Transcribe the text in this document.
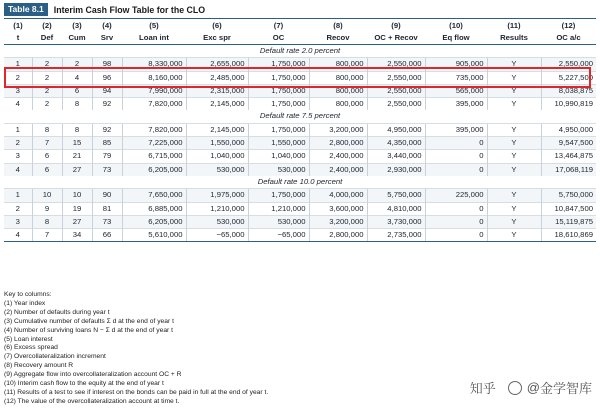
Table 8.1	Interim Cash Flow Table for the CLO
(1)	(2)	(3)	(4)	(5)	(6)	(7)	(8)	(9)	(10)	(11)	(12)
t	Def	Cum	Srv	Loan int	Exc spr	OC	Recov	OC + Recov	Eq flow	Results	OC a/c
Default rate 2.0 percent											
1	2	2	98	8,330,000	2,655,000	1,750,000	800,000	2,550,000	905,000	Y	2,550,000
2	2	4	96	8,160,000	2,485,000	1,750,000	800,000	2,550,000	735,000	Y	5,227,500
3	2	6	94	7,990,000	2,315,000	1,750,000	800,000	2,550,000	565,000	Y	8,038,875
4	2	8	92	7,820,000	2,145,000	1,750,000	800,000	2,550,000	395,000	Y	10,990,819
Default rate 7.5 percent											
1	8	8	92	7,820,000	2,145,000	1,750,000	3,200,000	4,950,000	395,000	Y	4,950,000
2	7	15	85	7,225,000	1,550,000	1,550,000	2,800,000	4,350,000	0	Y	9,547,500
3	6	21	79	6,715,000	1,040,000	1,040,000	2,400,000	3,440,000	0	Y	13,464,875
4	6	27	73	6,205,000	530,000	530,000	2,400,000	2,930,000	0	Y	17,068,119
Default rate 10.0 percent											
1	10	10	90	7,650,000	1,975,000	1,750,000	4,000,000	5,750,000	225,000	Y	5,750,000
2	9	19	81	6,885,000	1,210,000	1,210,000	3,600,000	4,810,000	0	Y	10,847,500
3	8	27	73	6,205,000	530,000	530,000	3,200,000	3,730,000	0	Y	15,119,875
4	7	34	66	5,610,000	−65,000	−65,000	2,800,000	2,735,000	0	Y	18,610,869
Key to columns:
(1) Year index
(2) Number of defaults during year t
(3) Cumulative number of defaults Σ d at the end of year t
(4) Number of surviving loans N − Σ d at the end of year t
(5) Loan interest
(6) Excess spread
(7) Overcollateralization increment
(8) Recovery amount R
(9) Aggregate flow into overcollateralization account OC + R
(10) Interim cash flow to the equity at the end of year t
(11) Results of a test to see if interest on the bonds can be paid in full at the end of year t.
(12) The value of the overcollateralization account at time t.
知乎 @ 金学智库
